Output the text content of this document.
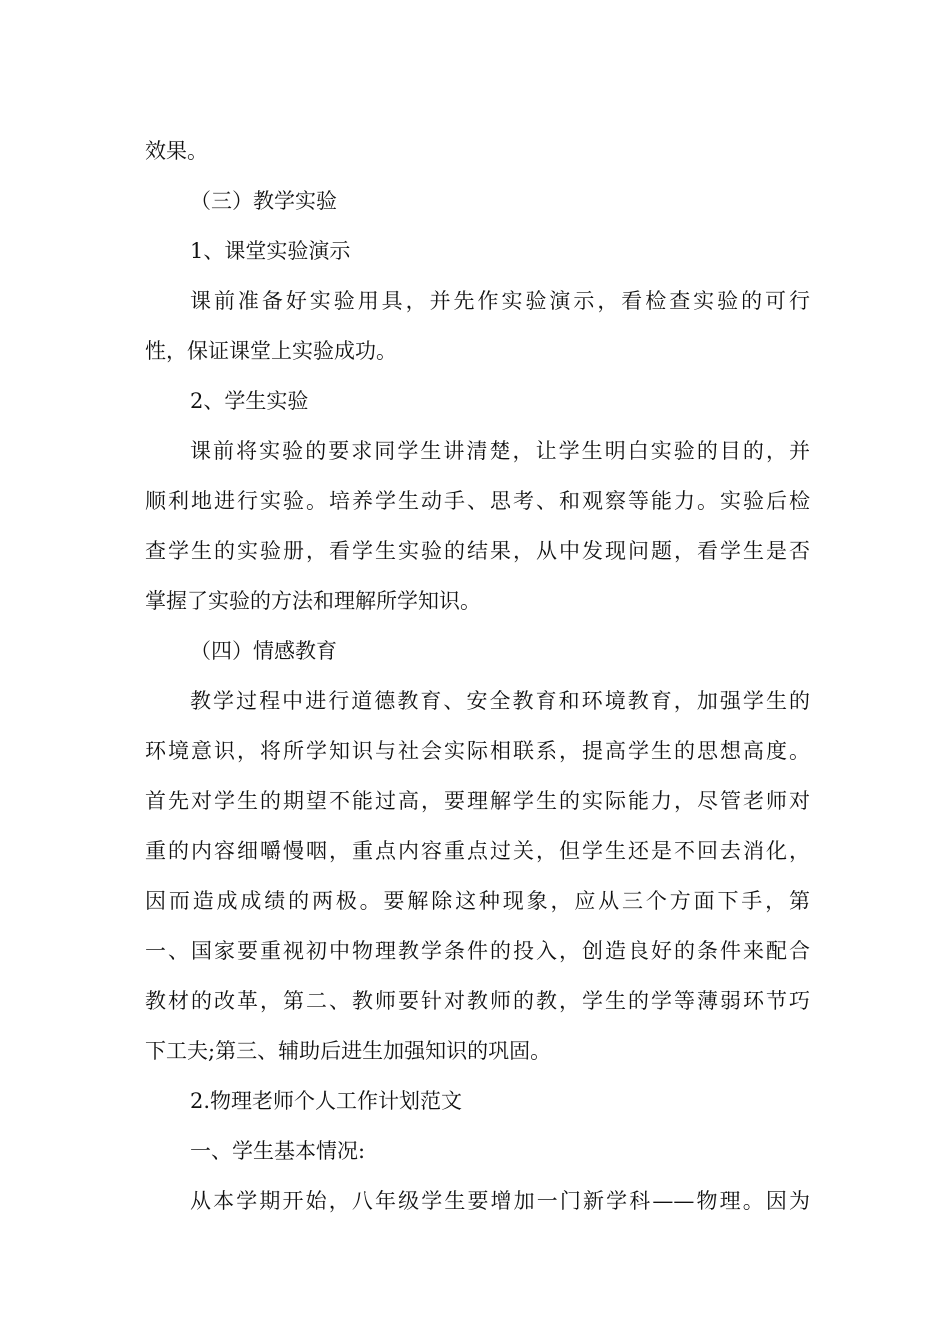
效果。

（三）教学实验

1、课堂实验演示

课前准备好实验用具，并先作实验演示，看检查实验的可行

性，保证课堂上实验成功。

2、学生实验

课前将实验的要求同学生讲清楚，让学生明白实验的目的，并

顺利地进行实验。培养学生动手、思考、和观察等能力。实验后检

查学生的实验册，看学生实验的结果，从中发现问题，看学生是否

掌握了实验的方法和理解所学知识。

（四）情感教育

教学过程中进行道德教育、安全教育和环境教育，加强学生的

环境意识，将所学知识与社会实际相联系，提高学生的思想高度。

首先对学生的期望不能过高，要理解学生的实际能力，尽管老师对

重的内容细嚼慢咽，重点内容重点过关，但学生还是不回去消化，

因而造成成绩的两极。要解除这种现象，应从三个方面下手，第

一、国家要重视初中物理教学条件的投入，创造良好的条件来配合

教材的改革，第二、教师要针对教师的教，学生的学等薄弱环节巧

下工夫;第三、辅助后进生加强知识的巩固。

2.物理老师个人工作计划范文

一、学生基本情况:

从本学期开始，八年级学生要增加一门新学科——物理。因为
